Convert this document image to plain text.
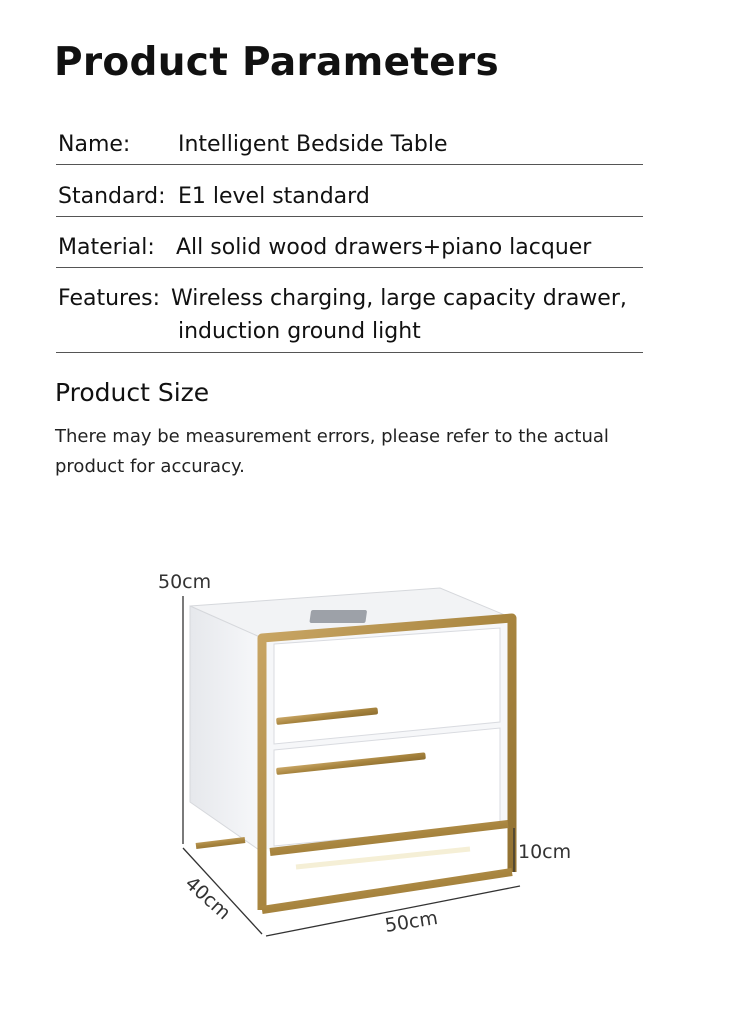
Product Parameters
Name: Intelligent Bedside Table
Standard: E1 level standard
Material: All solid wood drawers+piano lacquer
Features: Wireless charging, large capacity drawer,
induction ground light
Product Size
There may be measurement errors, please refer to the actual product for accuracy.
50cm
40cm	50cm
10cm
